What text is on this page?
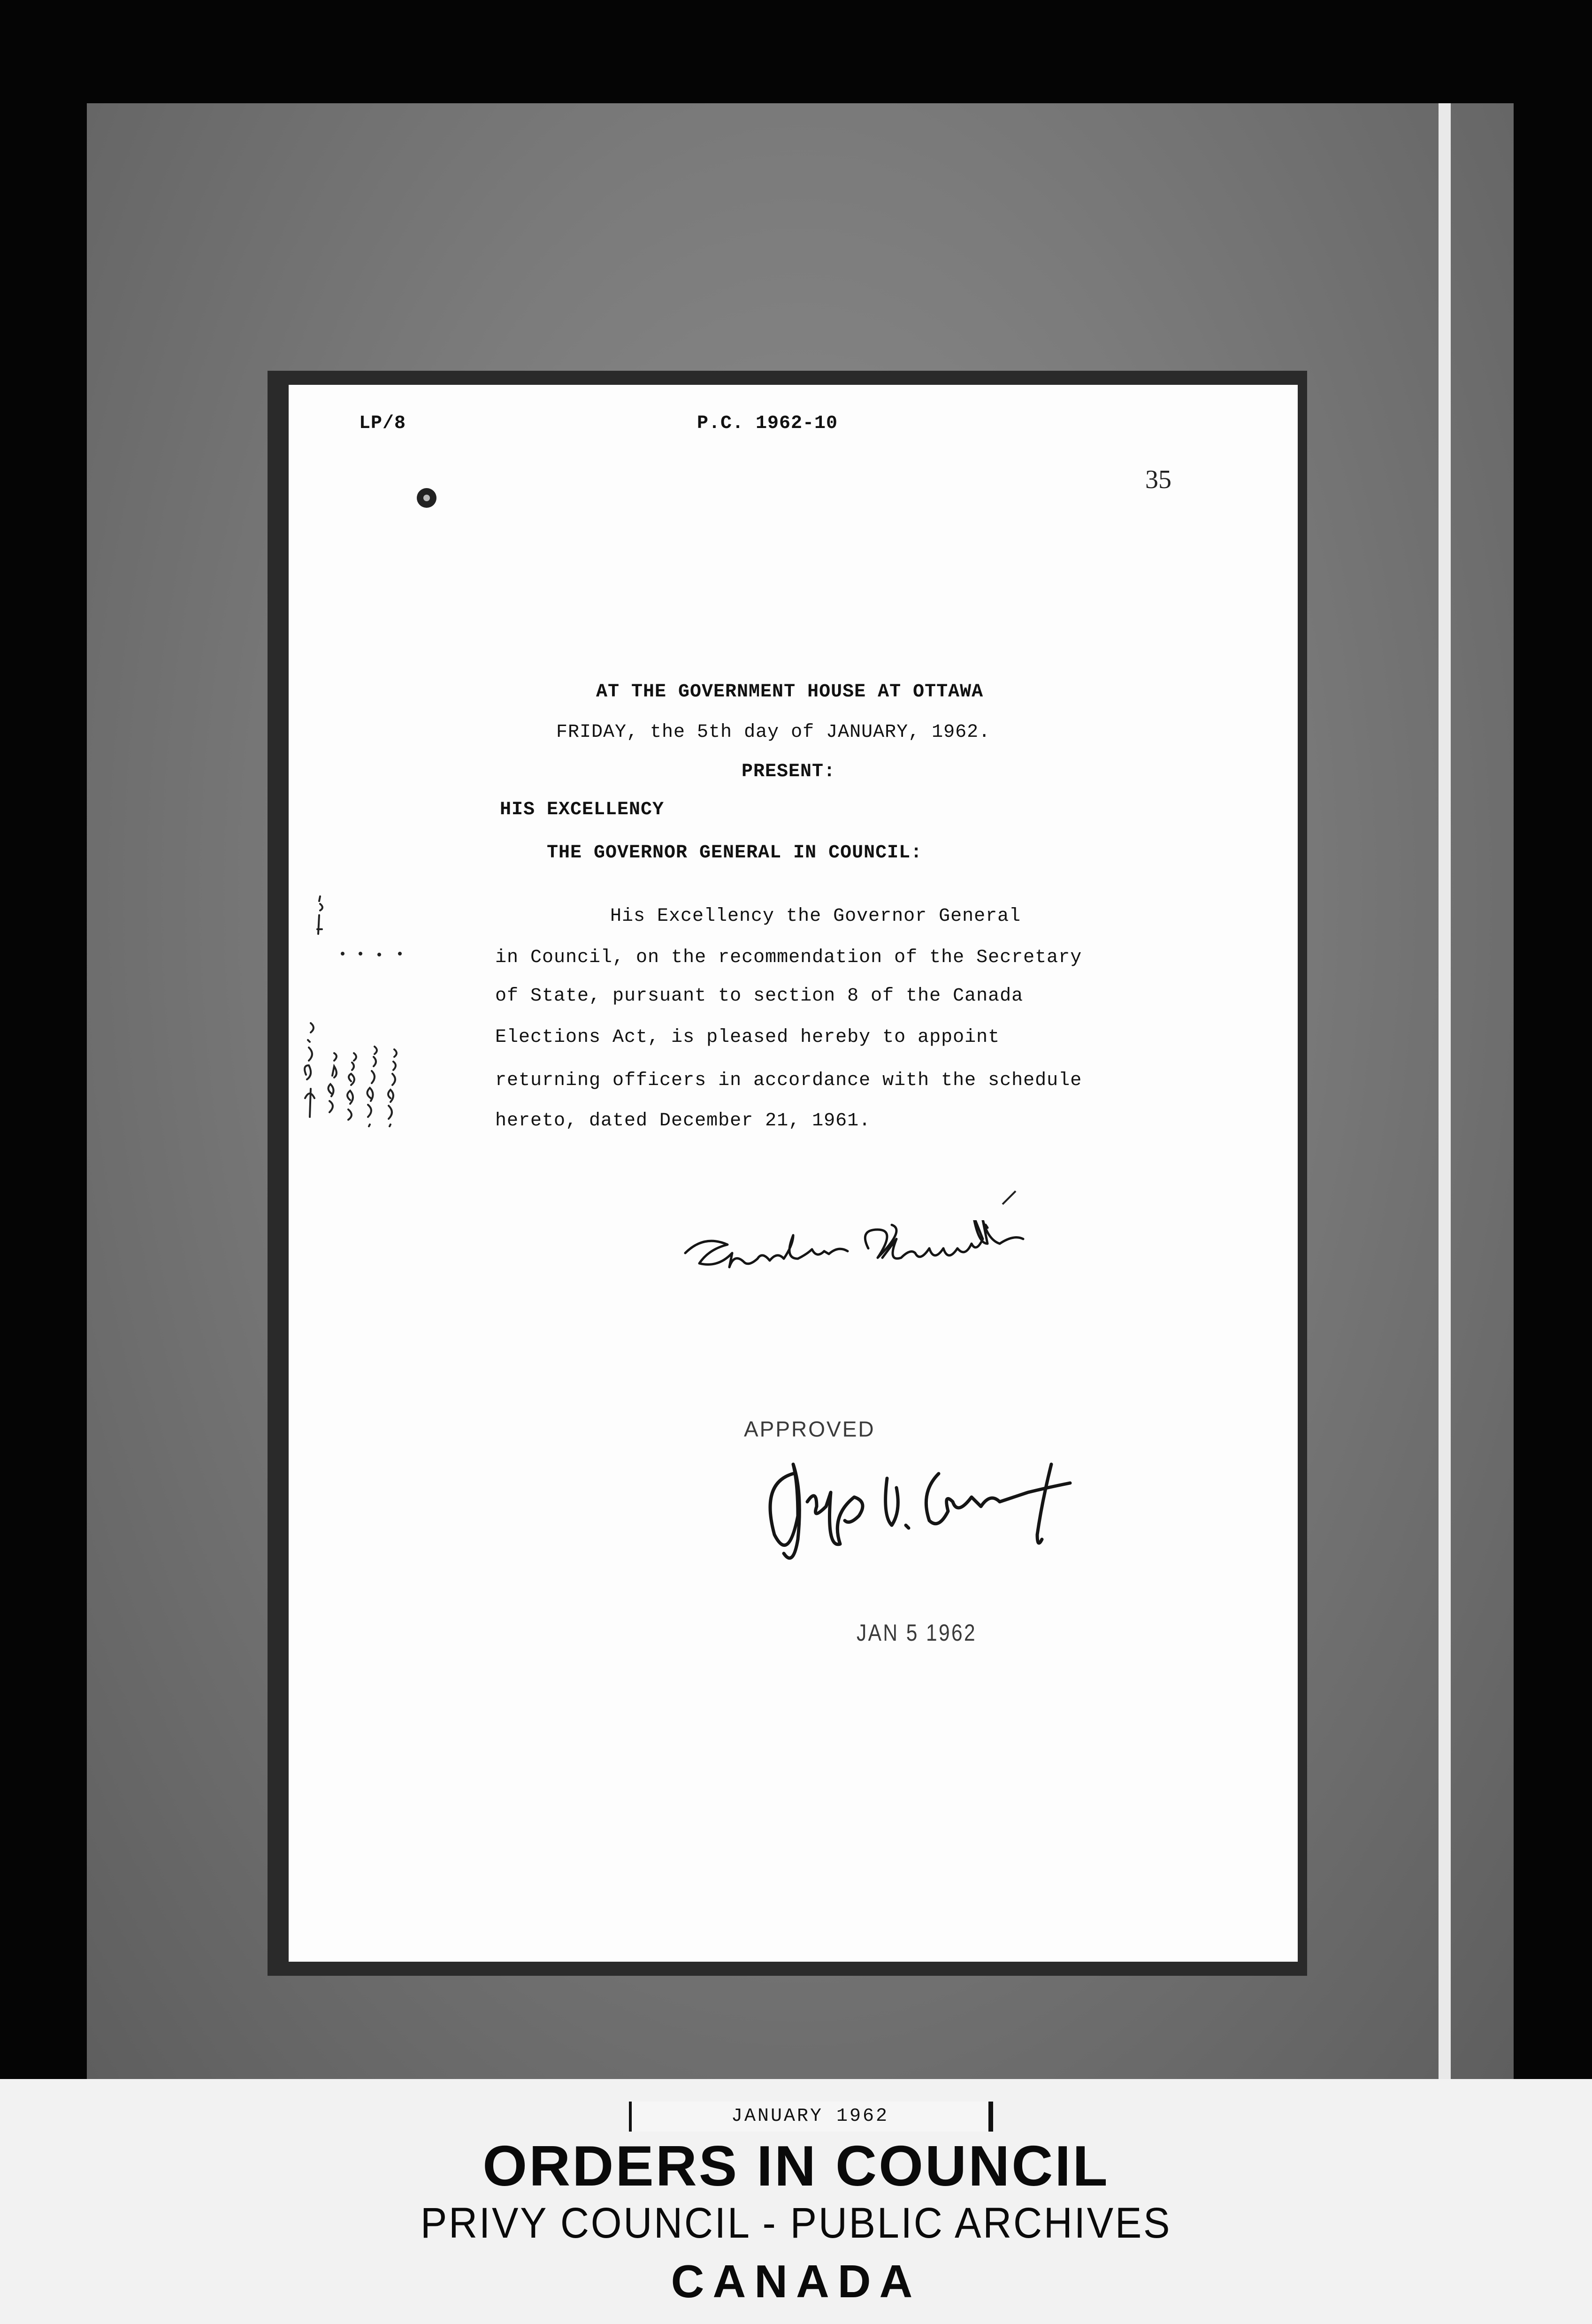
LP/8	P.C. 1962-10
35
AT THE GOVERNMENT HOUSE AT OTTAWA
FRIDAY, the 5th day of JANUARY, 1962.
PRESENT:
HIS EXCELLENCY
THE GOVERNOR GENERAL IN COUNCIL:
His Excellency the Governor General
in Council, on the recommendation of the Secretary
of State, pursuant to section 8 of the Canada
Elections Act, is pleased hereby to appoint
returning officers in accordance with the schedule
hereto, dated December 21, 1961.
APPROVED
JAN 5 1962
JANUARY 1962
ORDERS IN COUNCIL
PRIVY COUNCIL - PUBLIC ARCHIVES
CANADA
